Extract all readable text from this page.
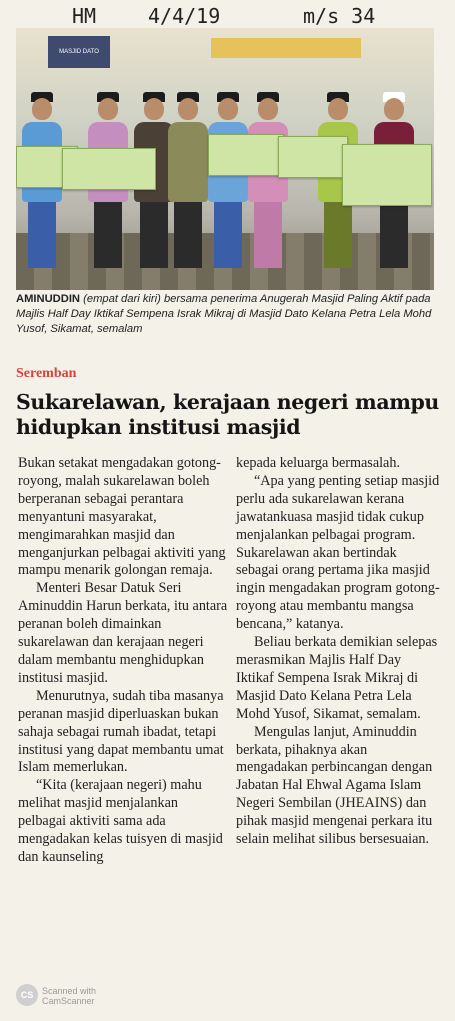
HM	4/4/19	m/s 34
MASJID DATO
AMINUDDIN (empat dari kiri) bersama penerima Anugerah Masjid Paling Aktif pada Majlis Half Day Iktikaf Sempena Israk Mikraj di Masjid Dato Kelana Petra Lela Mohd Yusof, Sikamat, semalam
Seremban
Sukarelawan, kerajaan negeri mampu hidupkan institusi masjid

Bukan setakat mengadakan gotong-royong, malah sukarelawan boleh berperanan sebagai perantara menyantuni masyarakat, mengimarahkan masjid dan menganjurkan pelbagai aktiviti yang mampu menarik golongan remaja.

Menteri Besar Datuk Seri Aminuddin Harun berkata, itu antara peranan boleh dimainkan sukarelawan dan kerajaan negeri dalam membantu menghidupkan institusi masjid.

Menurutnya, sudah tiba masanya peranan masjid diperluaskan bukan sahaja sebagai rumah ibadat, tetapi institusi yang dapat membantu umat Islam memerlukan.

“Kita (kerajaan negeri) mahu melihat masjid menjalankan pelbagai aktiviti sama ada mengadakan kelas tuisyen di masjid dan kaunseling

kepada keluarga bermasalah.

“Apa yang penting setiap masjid perlu ada sukarelawan kerana jawatankuasa masjid tidak cukup menjalankan pelbagai program. Sukarelawan akan bertindak sebagai orang pertama jika masjid ingin mengadakan program gotong-royong atau membantu mangsa bencana,” katanya.

Beliau berkata demikian selepas merasmikan Majlis Half Day Iktikaf Sempena Israk Mikraj di Masjid Dato Kelana Petra Lela Mohd Yusof, Sikamat, semalam.

Mengulas lanjut, Aminuddin berkata, pihaknya akan mengadakan perbincangan dengan Jabatan Hal Ehwal Agama Islam Negeri Sembilan (JHEAINS) dan pihak masjid mengenai perkara itu selain melihat silibus bersesuaian.

CS Scanned with
CamScanner
